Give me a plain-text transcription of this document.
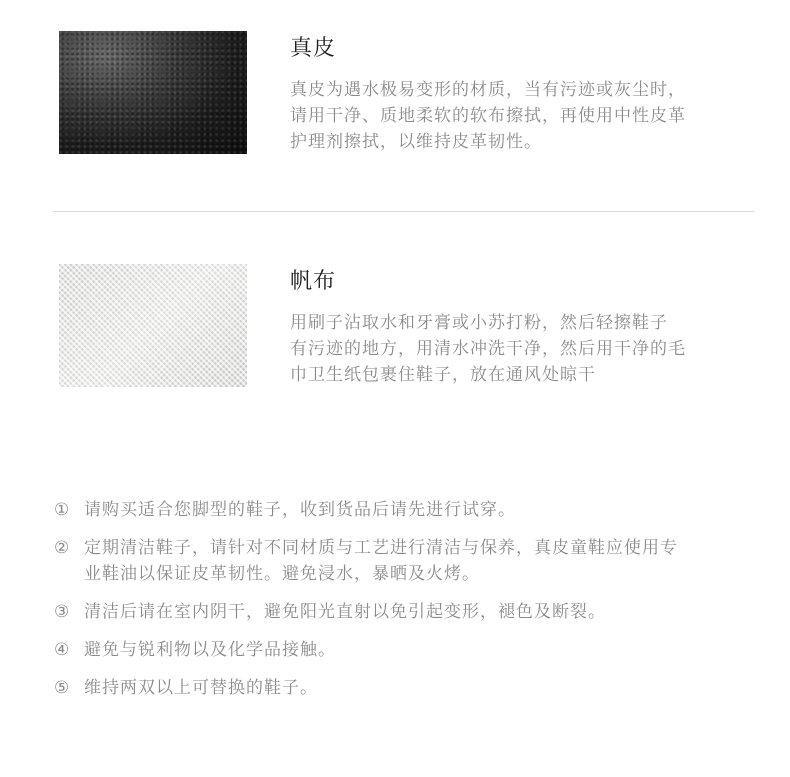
真皮
真皮为遇水极易变形的材质，当有污迹或灰尘时，
请用干净、质地柔软的软布擦拭，再使用中性皮革
护理剂擦拭，以维持皮革韧性。
帆布
用刷子沾取水和牙膏或小苏打粉，然后轻擦鞋子
有污迹的地方，用清水冲洗干净，然后用干净的毛
巾卫生纸包裹住鞋子，放在通风处晾干
① 请购买适合您脚型的鞋子，收到货品后请先进行试穿。
② 定期清洁鞋子，请针对不同材质与工艺进行清洁与保养，真皮童鞋应使用专
业鞋油以保证皮革韧性。避免浸水，暴晒及火烤。
③ 清洁后请在室内阴干，避免阳光直射以免引起变形，褪色及断裂。
④ 避免与锐利物以及化学品接触。
⑤ 维持两双以上可替换的鞋子。
